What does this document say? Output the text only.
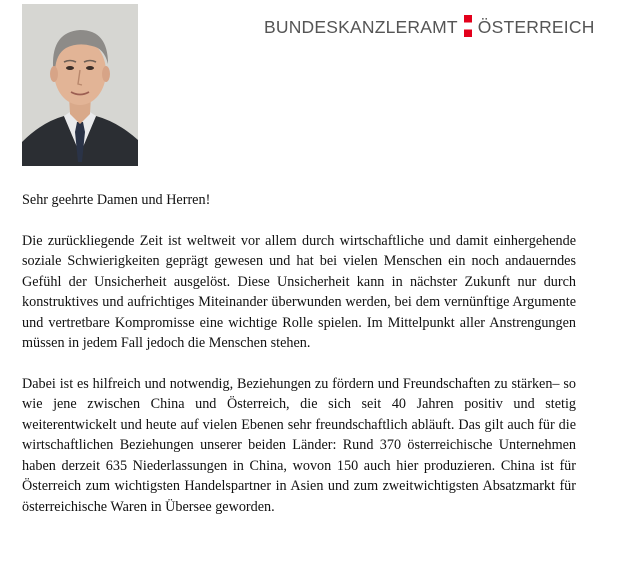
BUNDESKANZLERAMT ÖSTERREICH

Sehr geehrte Damen und Herren!

Die zurückliegende Zeit ist weltweit vor allem durch wirtschaftliche und damit einhergehende soziale Schwierigkeiten geprägt gewesen und hat bei vielen Menschen ein noch andauerndes Gefühl der Unsicherheit ausgelöst. Diese Unsicherheit kann in nächster Zukunft nur durch konstruktives und aufrichtiges Miteinander überwunden werden, bei dem vernünftige Argumente und vertretbare Kompromisse eine wichtige Rolle spielen. Im Mittelpunkt aller Anstrengungen müssen in jedem Fall jedoch die Menschen stehen.

Dabei ist es hilfreich und notwendig, Beziehungen zu fördern und Freundschaften zu stärken– so wie jene zwischen China und Österreich, die sich seit 40 Jahren positiv und stetig weiterentwickelt und heute auf vielen Ebenen sehr freundschaftlich abläuft. Das gilt auch für die wirtschaftlichen Beziehungen unserer beiden Länder: Rund 370 österreichische Unternehmen haben derzeit 635 Niederlassungen in China, wovon 150 auch hier produzieren. China ist für Österreich zum wichtigsten Handelspartner in Asien und zum zweitwichtigsten Absatzmarkt für österreichische Waren in Übersee geworden.
